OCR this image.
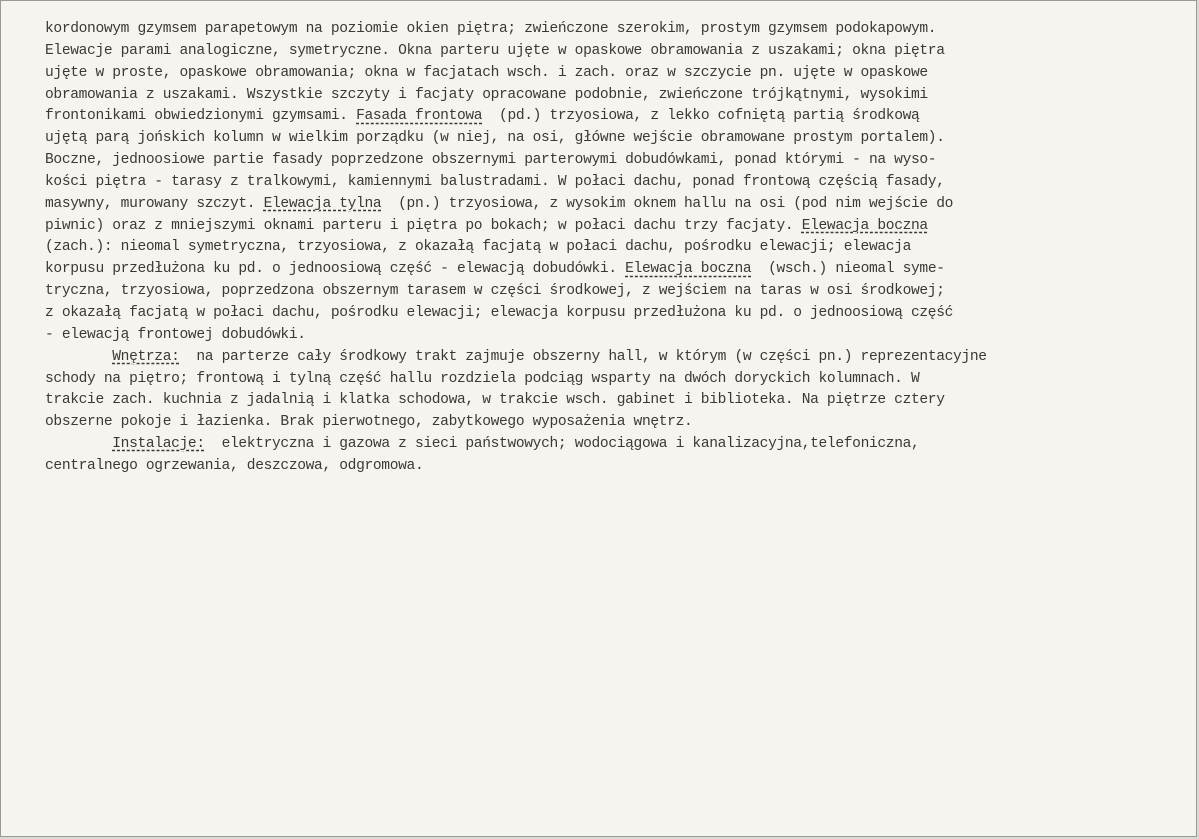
kordonowym gzymsem parapetowym na poziomie okien piętra; zwieńczone szerokim, prostym gzymsem podokapowym.
Elewacje parami analogiczne, symetryczne. Okna parteru ujęte w opaskowe obramowania z uszakami; okna piętra
ujęte w proste, opaskowe obramowania; okna w facjatach wsch. i zach. oraz w szczycie pn. ujęte w opaskowe
obramowania z uszakami. Wszystkie szczyty i facjaty opracowane podobnie, zwieńczone trójkątnymi, wysokimi
frontonikami obwiedzionymi gzymsami. Fasada frontowa  (pd.) trzyosiowa, z lekko cofniętą partią środkową
ujętą parą jońskich kolumn w wielkim porządku (w niej, na osi, główne wejście obramowane prostym portalem).
Boczne, jednoosiowe partie fasady poprzedzone obszernymi parterowymi dobudówkami, ponad którymi - na wyso-
kości piętra - tarasy z tralkowymi, kamiennymi balustradami. W połaci dachu, ponad frontową częścią fasady,
masywny, murowany szczyt. Elewacja tylna  (pn.) trzyosiowa, z wysokim oknem hallu na osi (pod nim wejście do
piwnic) oraz z mniejszymi oknami parteru i piętra po bokach; w połaci dachu trzy facjaty. Elewacja boczna
(zach.): nieomal symetryczna, trzyosiowa, z okazałą facjatą w połaci dachu, pośrodku elewacji; elewacja
korpusu przedłużona ku pd. o jednoosiową część - elewacją dobudówki. Elewacja boczna  (wsch.) nieomal syme-
tryczna, trzyosiowa, poprzedzona obszernym tarasem w części środkowej, z wejściem na taras w osi środkowej;
z okazałą facjatą w połaci dachu, pośrodku elewacji; elewacja korpusu przedłużona ku pd. o jednoosiową część
- elewacją frontowej dobudówki.
Wnętrza:  na parterze cały środkowy trakt zajmuje obszerny hall, w którym (w części pn.) reprezentacyjne
schody na piętro; frontową i tylną część hallu rozdziela podciąg wsparty na dwóch doryckich kolumnach. W
trakcie zach. kuchnia z jadalnią i klatka schodowa, w trakcie wsch. gabinet i biblioteka. Na piętrze cztery
obszerne pokoje i łazienka. Brak pierwotnego, zabytkowego wyposażenia wnętrz.
Instalacje:  elektryczna i gazowa z sieci państwowych; wodociągowa i kanalizacyjna,telefoniczna,
centralnego ogrzewania, deszczowa, odgromowa.
